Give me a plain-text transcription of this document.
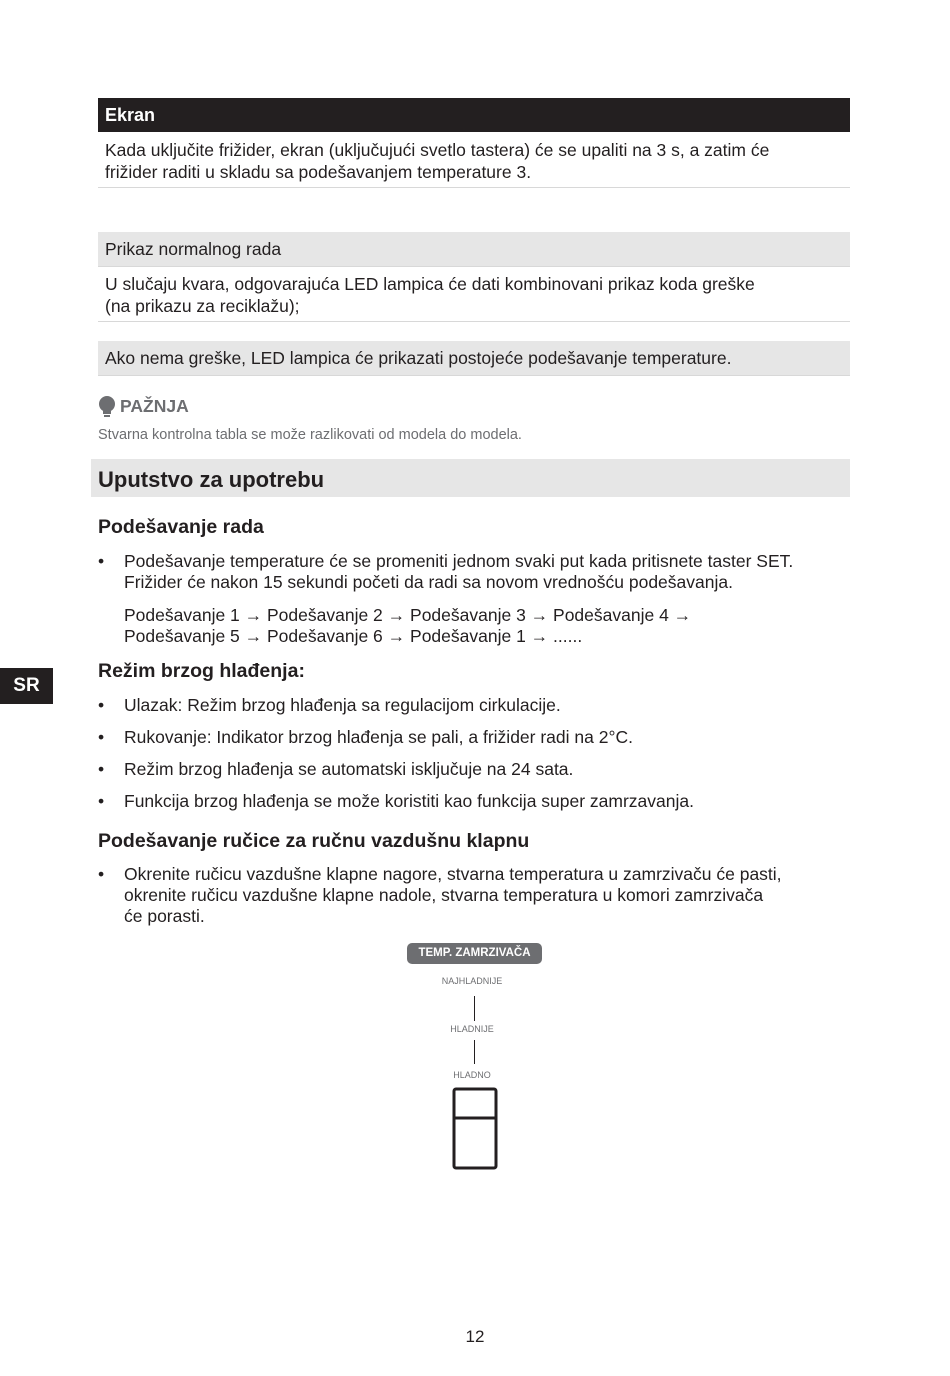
Ekran
Kada uključite frižider, ekran (uključujući svetlo tastera) će se upaliti na 3 s, a zatim će
frižider raditi u skladu sa podešavanjem temperature 3.
Prikaz normalnog rada
U slučaju kvara, odgovarajuća LED lampica će dati kombinovani prikaz koda greške
(na prikazu za reciklažu);
Ako nema greške, LED lampica će prikazati postojeće podešavanje temperature.
PAŽNJA
Stvarna kontrolna tabla se može razlikovati od modela do modela.
Uputstvo za upotrebu
Podešavanje rada
• Podešavanje temperature će se promeniti jednom svaki put kada pritisnete taster SET.
Frižider će nakon 15 sekundi početi da radi sa novom vrednošću podešavanja.
Podešavanje 1 → Podešavanje 2 → Podešavanje 3 → Podešavanje 4 →
Podešavanje 5 → Podešavanje 6 → Podešavanje 1 → ......
SR
Režim brzog hlađenja:
• Ulazak: Režim brzog hlađenja sa regulacijom cirkulacije.
• Rukovanje: Indikator brzog hlađenja se pali, a frižider radi na 2°C.
• Režim brzog hlađenja se automatski isključuje na 24 sata.
• Funkcija brzog hlađenja se može koristiti kao funkcija super zamrzavanja.
Podešavanje ručice za ručnu vazdušnu klapnu
• Okrenite ručicu vazdušne klapne nagore, stvarna temperatura u zamrzivaču će pasti,
okrenite ručicu vazdušne klapne nadole, stvarna temperatura u komori zamrzivača
će porasti.
TEMP. ZAMRZIVAČA
NAJHLADNIJE
HLADNIJE
HLADNO
12
